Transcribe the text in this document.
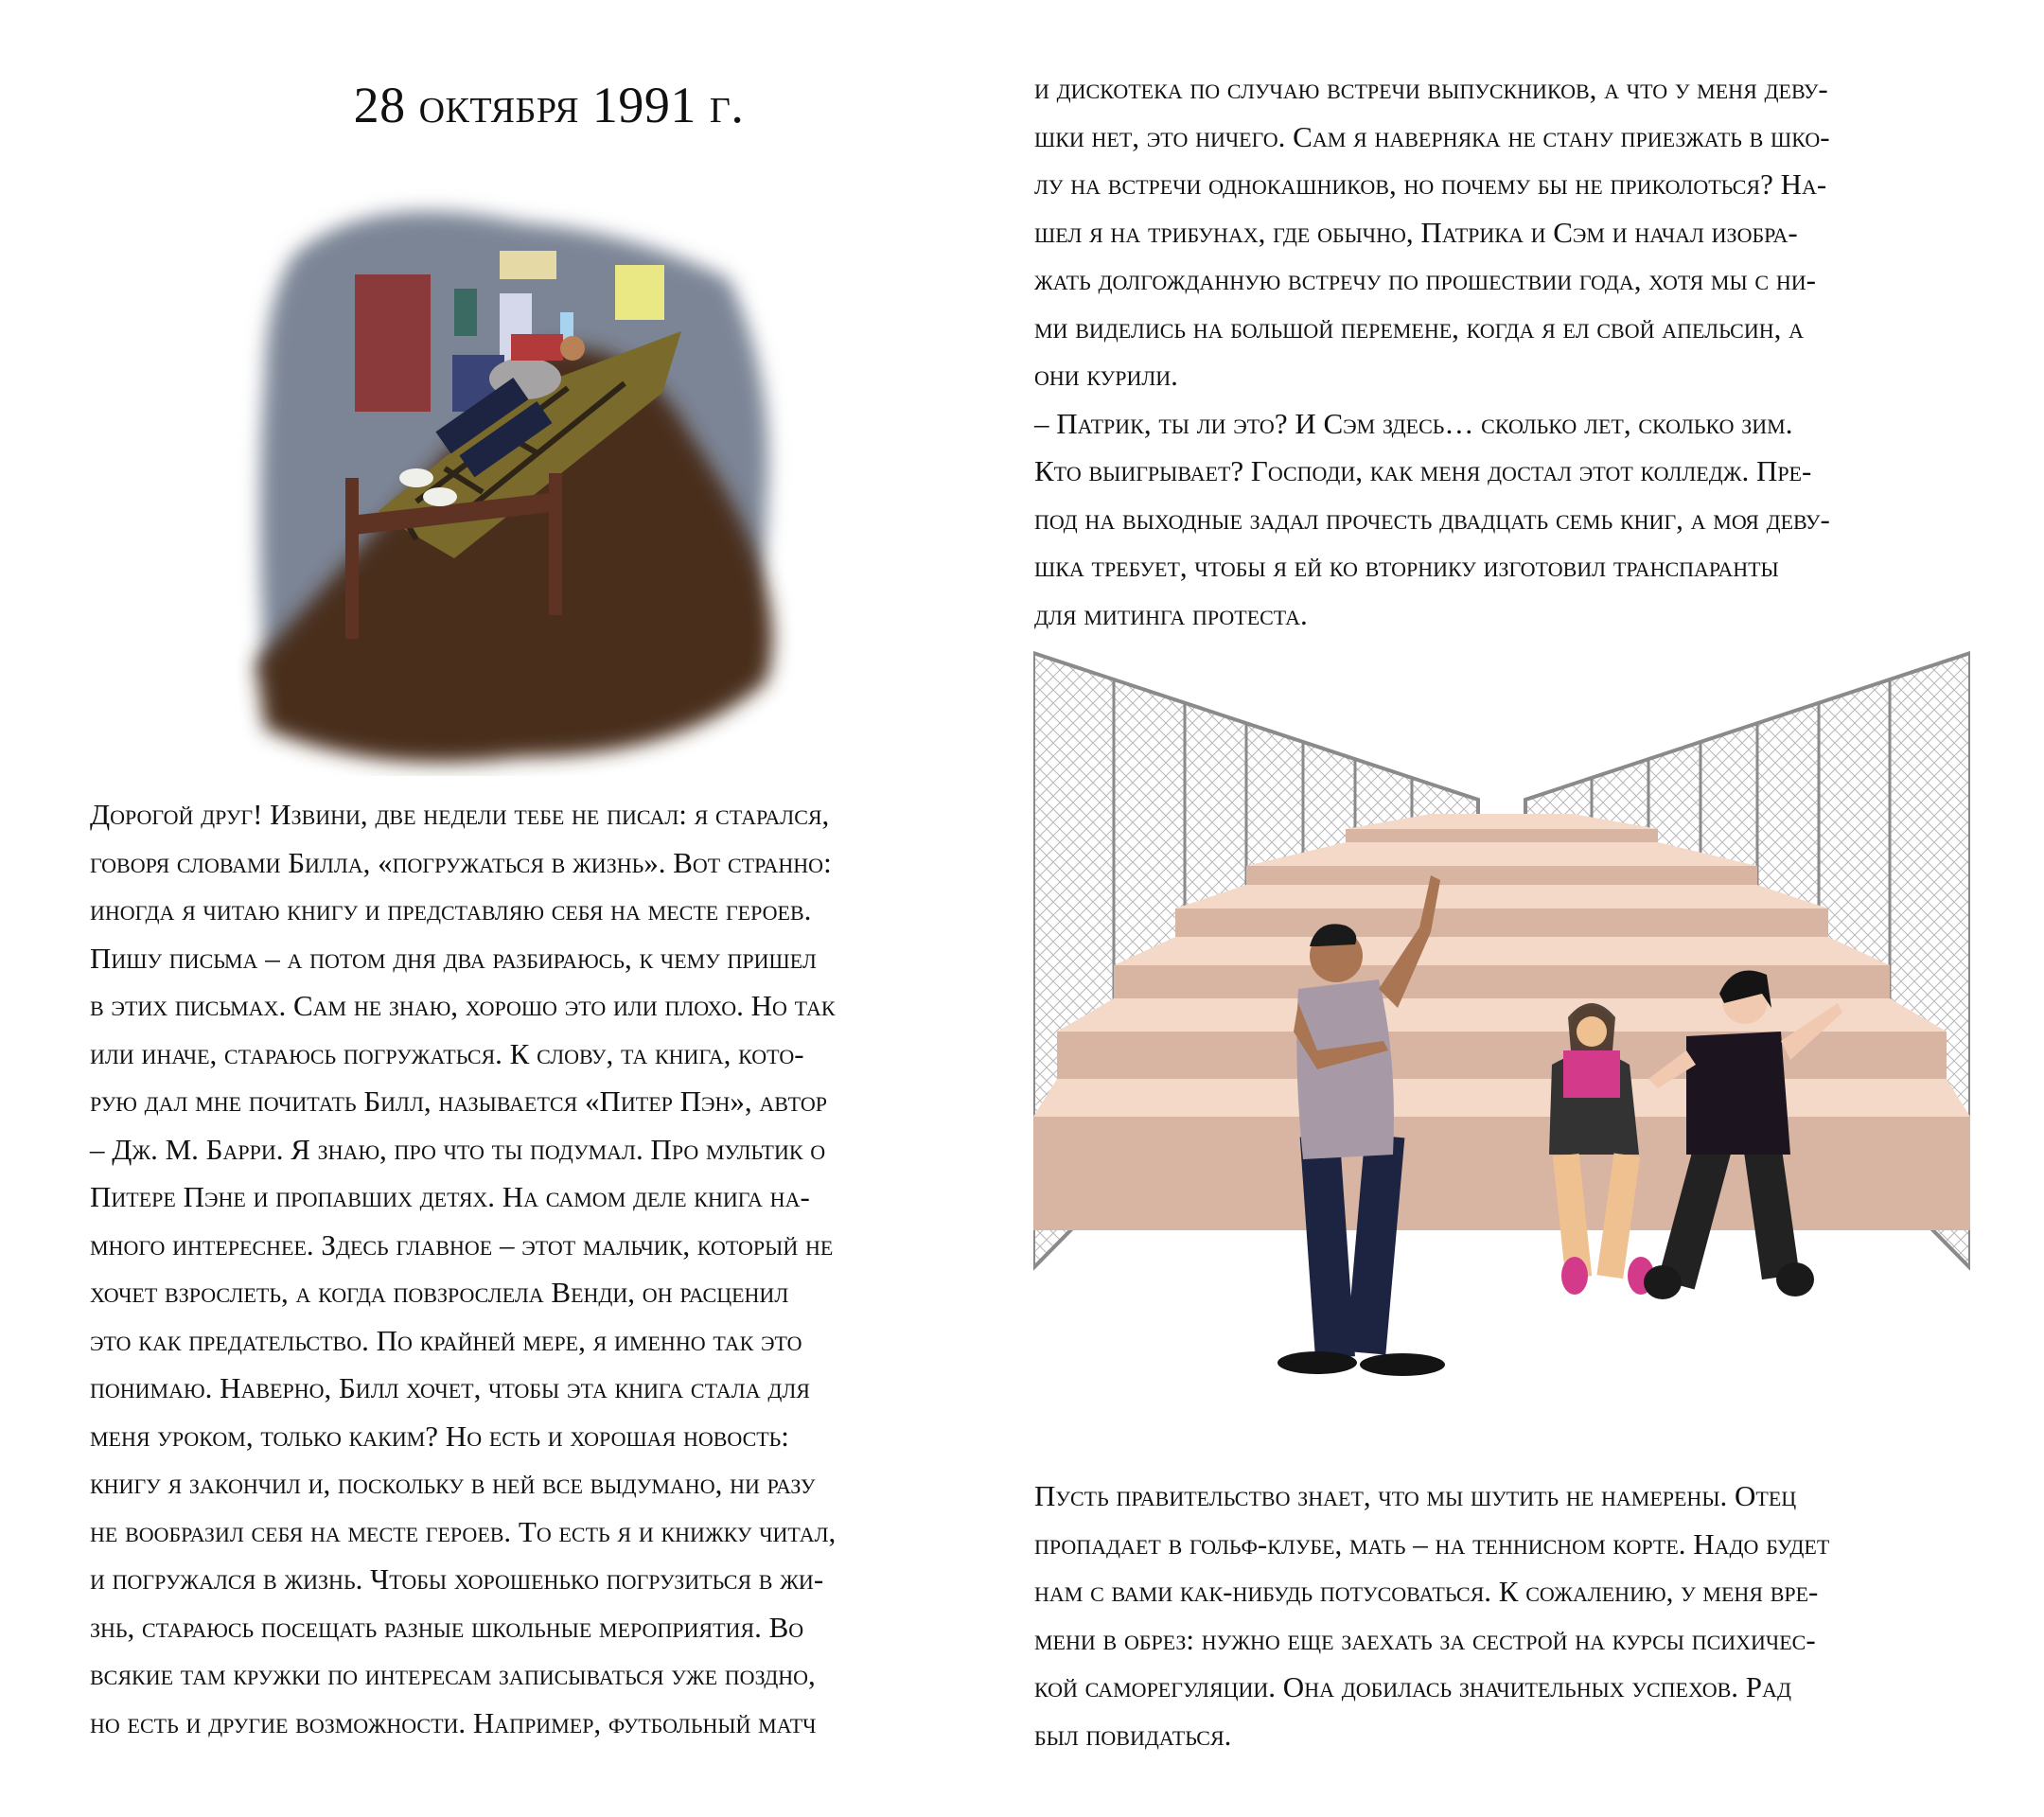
28 октября 1991 г.	и дискотека по случаю встречи выпускников, а что у меня деву-
шки нет, это ничего. Сам я наверняка не стану приезжать в шко-
лу на встречи однокашников, но почему бы не приколоться? На-
шел я на трибунах, где обычно, Патрика и Сэм и начал изобра-
жать долгожданную встречу по прошествии года, хотя мы с ни-
ми виделись на большой перемене, когда я ел свой апельсин, а
они курили.
– Патрик, ты ли это? И Сэм здесь… сколько лет, сколько зим.
Кто выигрывает? Господи, как меня достал этот колледж. Пре-
под на выходные задал прочесть двадцать семь книг, а моя деву-
шка требует, чтобы я ей ко вторнику изготовил транспаранты
для митинга протеста.
Дорогой друг! Извини, две недели тебе не писал: я старался,
говоря словами Билла, «погружаться в жизнь». Вот странно:
иногда я читаю книгу и представляю себя на месте героев.
Пишу письма – а потом дня два разбираюсь, к чему пришел
в этих письмах. Сам не знаю, хорошо это или плохо. Но так
или иначе, стараюсь погружаться. К слову, та книга, кото-
рую дал мне почитать Билл, называется «Питер Пэн», автор
– Дж. М. Барри. Я знаю, про что ты подумал. Про мультик о
Питере Пэне и пропавших детях. На самом деле книга на-
много интереснее. Здесь главное – этот мальчик, который не
хочет взрослеть, а когда повзрослела Венди, он расценил
это как предательство. По крайней мере, я именно так это
понимаю. Наверно, Билл хочет, чтобы эта книга стала для
меня уроком, только каким? Но есть и хорошая новость:
книгу я закончил и, поскольку в ней все выдумано, ни разу
не вообразил себя на месте героев. То есть я и книжку читал,
и погружался в жизнь. Чтобы хорошенько погрузиться в жи-
знь, стараюсь посещать разные школьные мероприятия. Во
всякие там кружки по интересам записываться уже поздно,
но есть и другие возможности. Например, футбольный матч
Пусть правительство знает, что мы шутить не намерены. Отец
пропадает в гольф-клубе, мать – на теннисном корте. Надо будет
нам с вами как-нибудь потусоваться. К сожалению, у меня вре-
мени в обрез: нужно еще заехать за сестрой на курсы психичес-
кой саморегуляции. Она добилась значительных успехов. Рад
был повидаться.
